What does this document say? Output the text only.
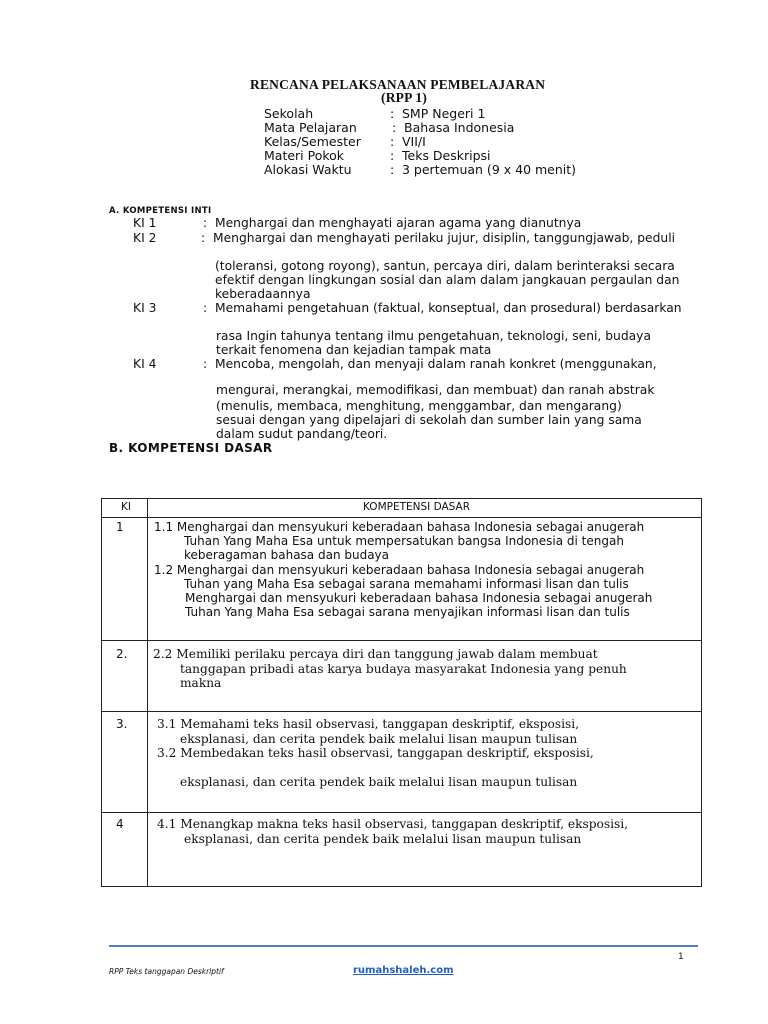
RENCANA PELAKSANAAN PEMBELAJARAN
(RPP 1)
Sekolah	: SMP Negeri 1
Mata Pelajaran	: Bahasa Indonesia
Kelas/Semester : VII/I
Materi Pokok	: Teks Deskripsi
Alokasi Waktu	: 3 pertemuan (9 x 40 menit)
A. KOMPETENSI INTI
KI 1	: Menghargai dan menghayati ajaran agama yang dianutnya
KI 2	: Menghargai dan menghayati perilaku jujur, disiplin, tanggungjawab, peduli
(toleransi, gotong royong), santun, percaya diri, dalam berinteraksi secara
efektif dengan lingkungan sosial dan alam dalam jangkauan pergaulan dan
keberadaannya
KI 3	: Memahami pengetahuan (faktual, konseptual, dan prosedural) berdasarkan
rasa Ingin tahunya tentang ilmu pengetahuan, teknologi, seni, budaya
terkait fenomena dan kejadian tampak mata
KI 4	: Mencoba, mengolah, dan menyaji dalam ranah konkret (menggunakan,
mengurai, merangkai, memodifikasi, dan membuat) dan ranah abstrak
(menulis, membaca, menghitung, menggambar, dan mengarang)
sesuai dengan yang dipelajari di sekolah dan sumber lain yang sama
dalam sudut pandang/teori.
B. KOMPETENSI DASAR
KI	KOMPETENSI DASAR
1	1.1 Menghargai dan mensyukuri keberadaan bahasa Indonesia sebagai anugerah
Tuhan Yang Maha Esa untuk mempersatukan bangsa Indonesia di tengah
keberagaman bahasa dan budaya
1.2 Menghargai dan mensyukuri keberadaan bahasa Indonesia sebagai anugerah
Tuhan yang Maha Esa sebagai sarana memahami informasi lisan dan tulis
Menghargai dan mensyukuri keberadaan bahasa Indonesia sebagai anugerah
Tuhan Yang Maha Esa sebagai sarana menyajikan informasi lisan dan tulis
2. 2.2 Memiliki perilaku percaya diri dan tanggung jawab dalam membuat
tanggapan pribadi atas karya budaya masyarakat Indonesia yang penuh
makna
3. 3.1 Memahami teks hasil observasi, tanggapan deskriptif, eksposisi,
eksplanasi, dan cerita pendek baik melalui lisan maupun tulisan
3.2 Membedakan teks hasil observasi, tanggapan deskriptif, eksposisi,
eksplanasi, dan cerita pendek baik melalui lisan maupun tulisan
4	4.1 Menangkap makna teks hasil observasi, tanggapan deskriptif, eksposisi,
eksplanasi, dan cerita pendek baik melalui lisan maupun tulisan
1
RPP Teks tanggapan Deskriptif	rumahshaleh.com
